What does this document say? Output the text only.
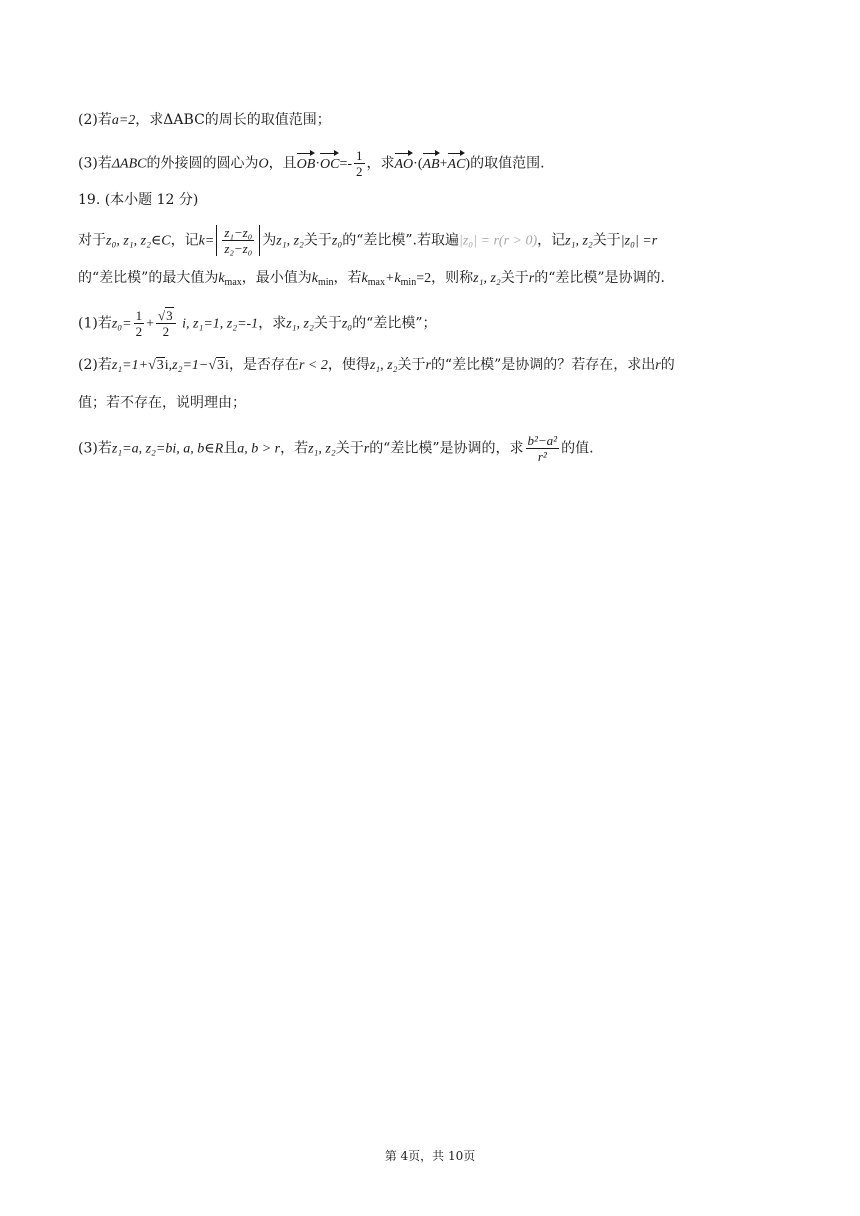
(2)若a=2，求ΔABC的周长的取值范围；
(3)若ΔABC的外接圆的圆心为O，且$OB\cdot OC=- \frac{1}{2}$ ，求AO·(AB+AC)的取值范围.
19. (本小题 12 分)
对于z₀, z₁, z₂∈C，记$k= \frac{\text{z₁−z₀}}{\text{z₂−z₀}}$ 为z₁, z₂关于z₀的“差比模”.若取遍|z₀| = r(r > 0)，记z₁, z₂关于|z₀| =r
的“差比模”的最大值为$k_{max}$，最小值为$k_{min}$，若$k_{max}+k_{min}=2$，则称z₁, z₂关于r的“差比模”是协调的.
(1)若$z_0= \frac{1}{2} + \frac{√3}{2} i$, z₁=1, z₂=-1，求z₁, z₂关于z₀的“差比模”；
(2)若z₁=1+√3i,z₂=1−√3i，是否存在r < 2，使得z₁, z₂关于r的“差比模”是协调的？若存在，求出r的
值；若不存在，说明理由；
(3)若z₁=a, z₂=bi, a, b∈R且a, b > r，若z₁, z₂关于r的“差比模”是协调的，求 $\frac{\text{b²−a²}}{\text{r²}}$ 的值.
第 4页，共 10页
